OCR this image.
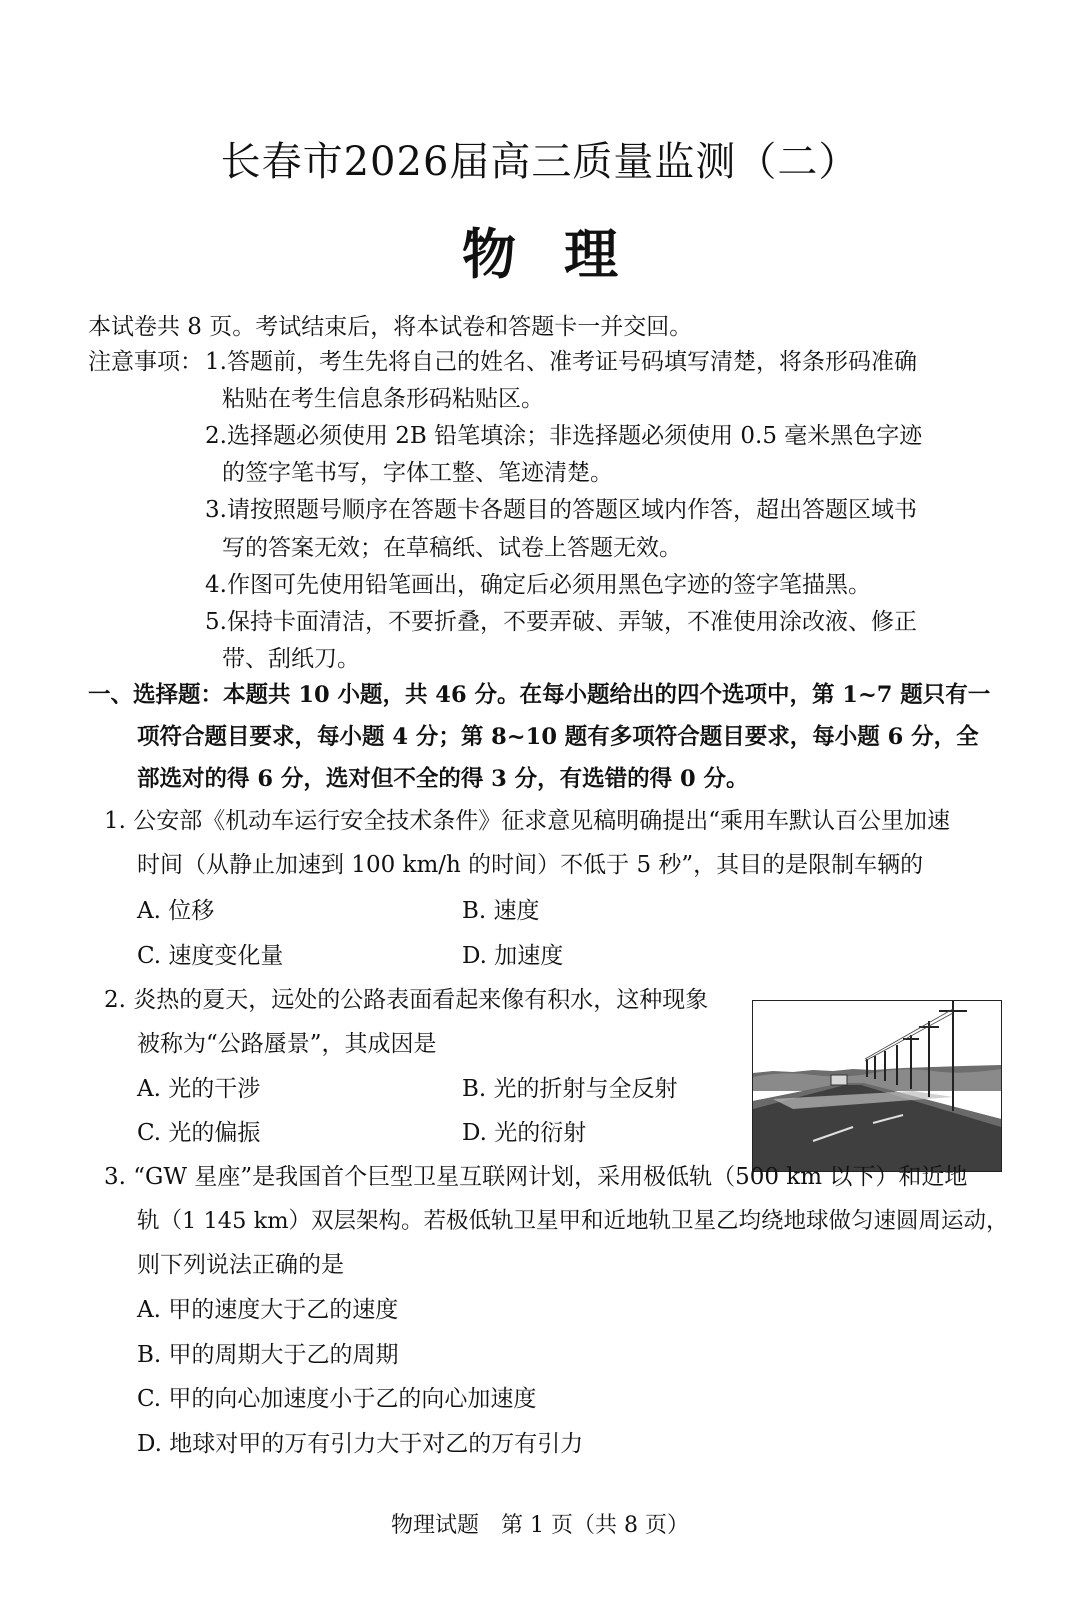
长春市2026届高三质量监测（二）
物理
本试卷共 8 页。考试结束后，将本试卷和答题卡一并交回。
注意事项： 1.答题前，考生先将自己的姓名、准考证号码填写清楚，将条形码准确
粘贴在考生信息条形码粘贴区。
2.选择题必须使用 2B 铅笔填涂；非选择题必须使用 0.5 毫米黑色字迹
的签字笔书写，字体工整、笔迹清楚。
3.请按照题号顺序在答题卡各题目的答题区域内作答，超出答题区域书
写的答案无效；在草稿纸、试卷上答题无效。
4.作图可先使用铅笔画出，确定后必须用黑色字迹的签字笔描黑。
5.保持卡面清洁，不要折叠，不要弄破、弄皱，不准使用涂改液、修正
带、刮纸刀。
一、选择题：本题共 10 小题，共 46 分。在每小题给出的四个选项中，第 1~7 题只有一
项符合题目要求，每小题 4 分；第 8~10 题有多项符合题目要求，每小题 6 分，全
部选对的得 6 分，选对但不全的得 3 分，有选错的得 0 分。
1. 公安部《机动车运行安全技术条件》征求意见稿明确提出“乘用车默认百公里加速
时间（从静止加速到 100 km/h 的时间）不低于 5 秒”，其目的是限制车辆的
A. 位移	B. 速度
C. 速度变化量	D. 加速度
2. 炎热的夏天，远处的公路表面看起来像有积水，这种现象
被称为“公路蜃景”，其成因是
A. 光的干涉	B. 光的折射与全反射
C. 光的偏振	D. 光的衍射
3. “GW 星座”是我国首个巨型卫星互联网计划，采用极低轨（500 km 以下）和近地
轨（1 145 km）双层架构。若极低轨卫星甲和近地轨卫星乙均绕地球做匀速圆周运动，
则下列说法正确的是
A. 甲的速度大于乙的速度
B. 甲的周期大于乙的周期
C. 甲的向心加速度小于乙的向心加速度
D. 地球对甲的万有引力大于对乙的万有引力
物理试题　第 1 页（共 8 页）
